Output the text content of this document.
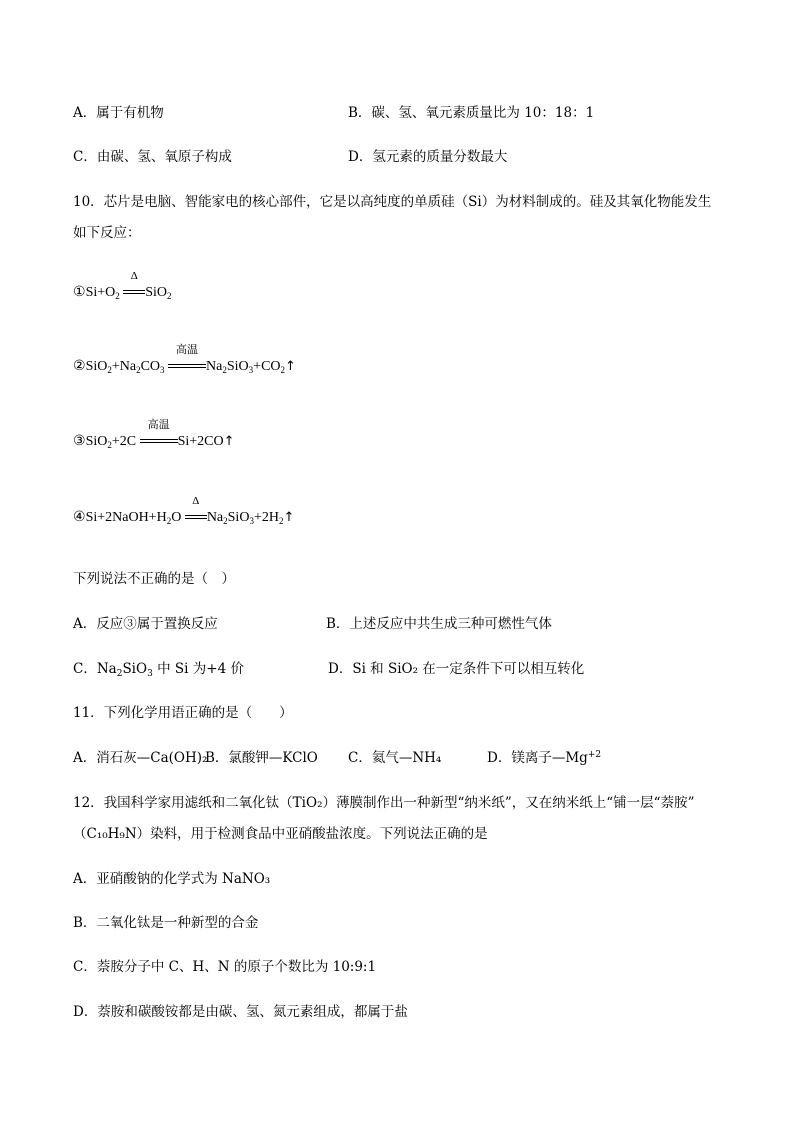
A．属于有机物	B．碳、氢、氧元素质量比为 10：18：1
C．由碳、氢、氧原子构成	D．氢元素的质量分数最大
10．芯片是电脑、智能家电的核心部件，它是以高纯度的单质硅（Si）为材料制成的。硅及其氧化物能发生
如下反应：
$①Si+O_2$
Δ
SiO$_2$
$②SiO_2+Na_2CO_3$
高温
$Na_2SiO_3+CO_2↑$
③SiO$_2$+2C
高温
Si+2CO↑
$④Si+2NaOH+H_2O$
Δ
$Na_2SiO_3+2H_2↑$
下列说法不正确的是（　）
A．反应③属于置换反应	B．上述反应中共生成三种可燃性气体
C．$Na_2SiO_3$ 中 Si 为+4 价	D．Si 和 SiO₂ 在一定条件下可以相互转化
11．下列化学用语正确的是（　　）
A．消石灰—Ca(OH)₂
B．氯酸钾—KClO C．氦气—NH₄	D．镁离子$—Mg^{+2}$
12．我国科学家用滤纸和二氧化钛（TiO₂）薄膜制作出一种新型“纳米纸”，又在纳米纸上“铺一层“萘胺”
（C₁₀H₉N）染料，用于检测食品中亚硝酸盐浓度。下列说法正确的是
A．亚硝酸钠的化学式为 NaNO₃
B．二氧化钛是一种新型的合金
C．萘胺分子中 C、H、N 的原子个数比为 10:9:1
D．萘胺和碳酸铵都是由碳、氢、氮元素组成，都属于盐
